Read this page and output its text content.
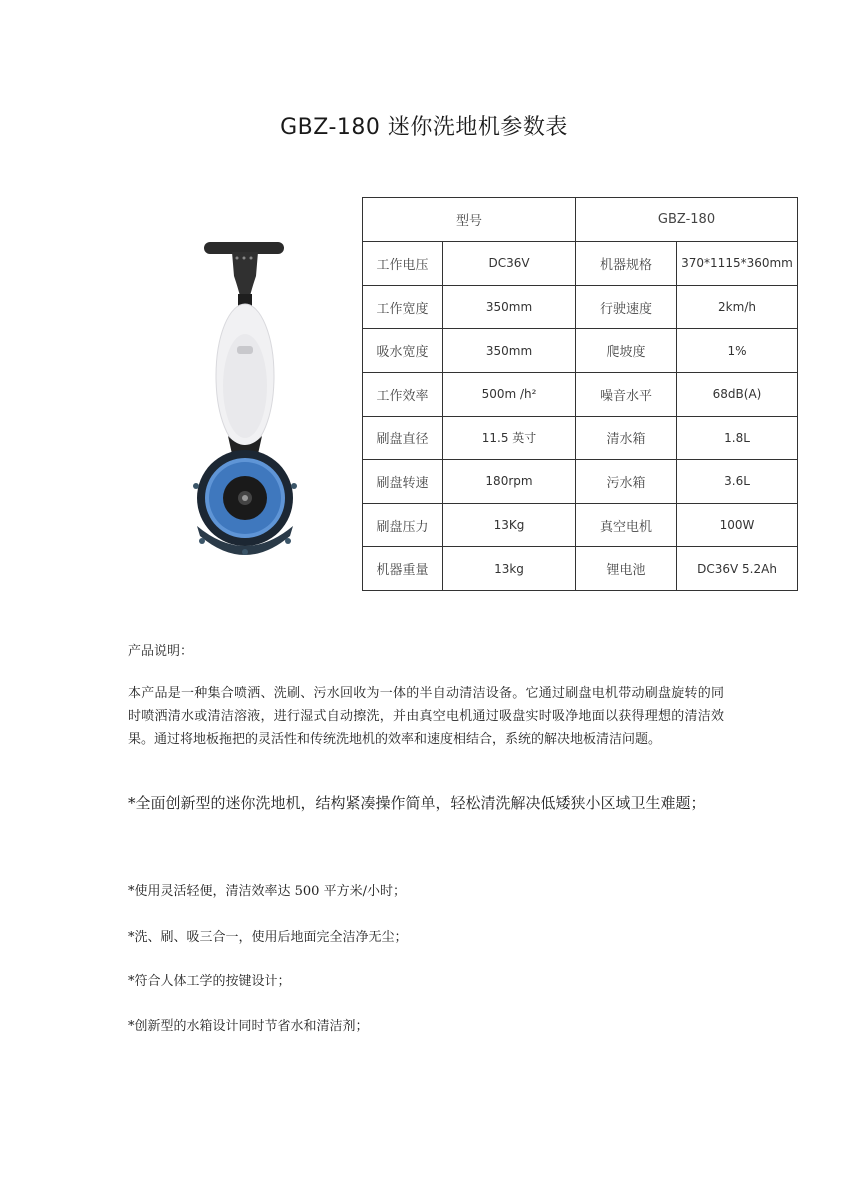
GBZ-180 迷你洗地机参数表
型号		GBZ-180	
工作电压	DC36V	机器规格	370*1115*360mm
工作宽度	350mm	行驶速度	2km/h
吸水宽度	350mm	爬坡度	1%
工作效率	500m /h²	噪音水平	68dB(A)
刷盘直径	11.5 英寸	清水箱	1.8L
刷盘转速	180rpm	污水箱	3.6L
刷盘压力	13Kg	真空电机	100W
机器重量	13kg	锂电池	DC36V 5.2Ah
产品说明：
本产品是一种集合喷洒、洗刷、污水回收为一体的半自动清洁设备。它通过刷盘电机带动刷盘旋转的同时喷洒清水或清洁溶液，进行湿式自动擦洗，并由真空电机通过吸盘实时吸净地面以获得理想的清洁效果。通过将地板拖把的灵活性和传统洗地机的效率和速度相结合，系统的解决地板清洁问题。
*全面创新型的迷你洗地机，结构紧凑操作简单，轻松清洗解决低矮狭小区域卫生难题；
*使用灵活轻便，清洁效率达 500 平方米/小时；
*洗、刷、吸三合一，使用后地面完全洁净无尘；
*符合人体工学的按键设计；
*创新型的水箱设计同时节省水和清洁剂；
